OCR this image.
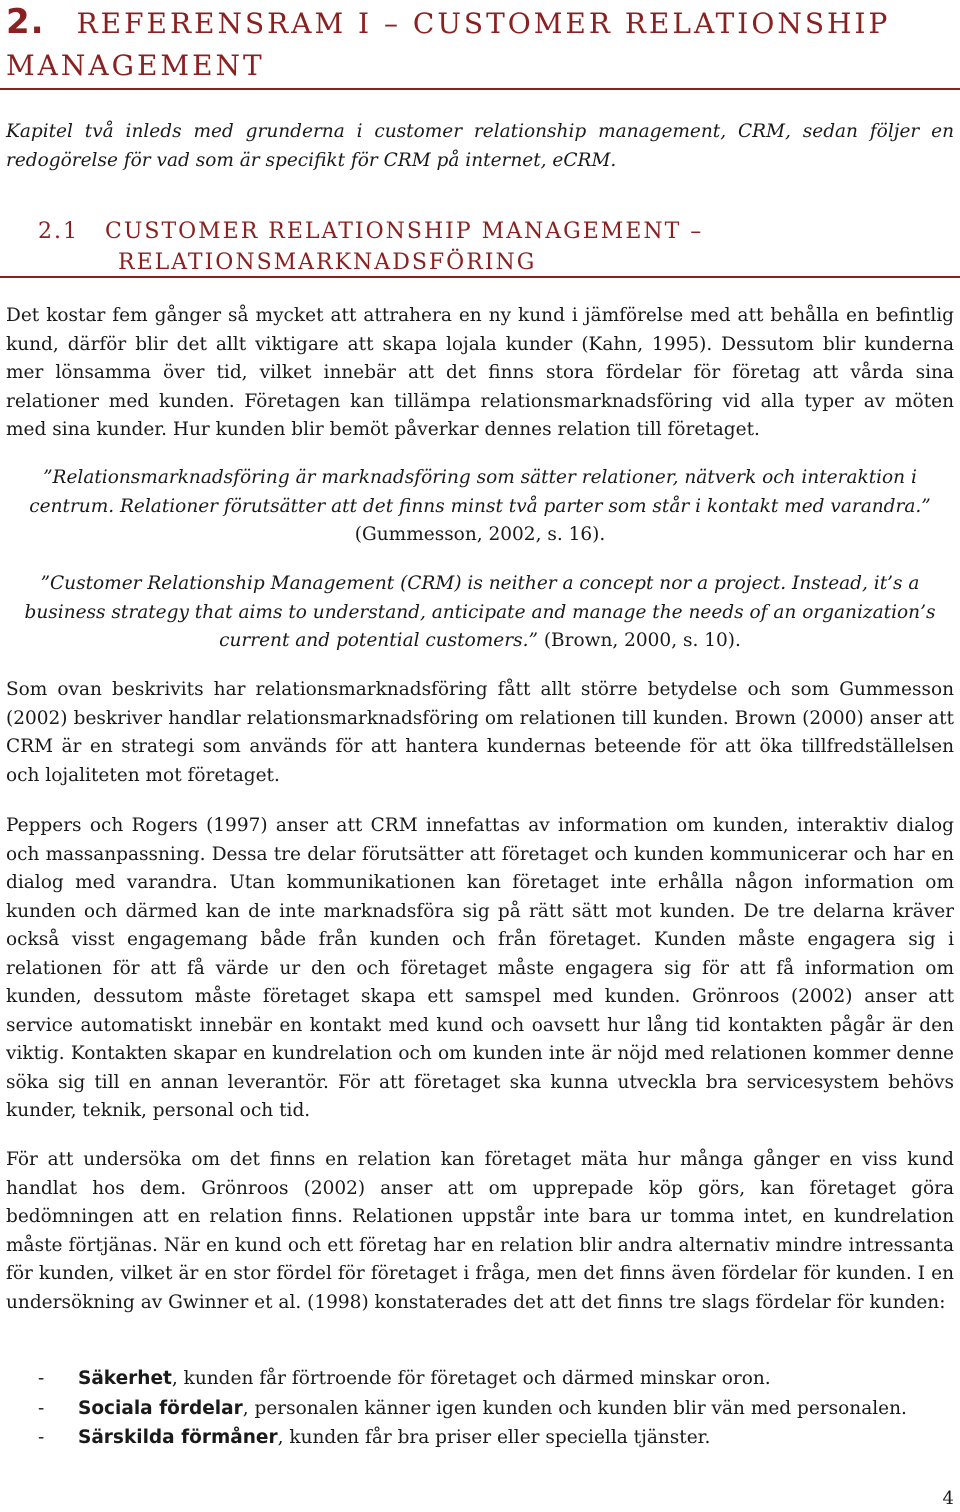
2. REFERENSRAM I – CUSTOMER RELATIONSHIP MANAGEMENT
Kapitel två inleds med grunderna i customer relationship management, CRM, sedan följer en redogörelse för vad som är specifikt för CRM på internet, eCRM.
2.1 CUSTOMER RELATIONSHIP MANAGEMENT –
RELATIONSMARKNADSFÖRING
Det kostar fem gånger så mycket att attrahera en ny kund i jämförelse med att behålla en befintlig kund, därför blir det allt viktigare att skapa lojala kunder (Kahn, 1995). Dessutom blir kunderna mer lönsamma över tid, vilket innebär att det finns stora fördelar för företag att vårda sina relationer med kunden. Företagen kan tillämpa relationsmarknadsföring vid alla typer av möten med sina kunder. Hur kunden blir bemöt påverkar dennes relation till företaget.
”Relationsmarknadsföring är marknadsföring som sätter relationer, nätverk och interaktion i centrum. Relationer förutsätter att det finns minst två parter som står i kontakt med varandra.” (Gummesson, 2002, s. 16).
”Customer Relationship Management (CRM) is neither a concept nor a project. Instead, it’s a business strategy that aims to understand, anticipate and manage the needs of an organization’s current and potential customers.” (Brown, 2000, s. 10).
Som ovan beskrivits har relationsmarknadsföring fått allt större betydelse och som Gummesson (2002) beskriver handlar relationsmarknadsföring om relationen till kunden. Brown (2000) anser att CRM är en strategi som används för att hantera kundernas beteende för att öka tillfredställelsen och lojaliteten mot företaget.
Peppers och Rogers (1997) anser att CRM innefattas av information om kunden, interaktiv dialog och massanpassning. Dessa tre delar förutsätter att företaget och kunden kommunicerar och har en dialog med varandra. Utan kommunikationen kan företaget inte erhålla någon information om kunden och därmed kan de inte marknadsföra sig på rätt sätt mot kunden. De tre delarna kräver också visst engagemang både från kunden och från företaget. Kunden måste engagera sig i relationen för att få värde ur den och företaget måste engagera sig för att få information om kunden, dessutom måste företaget skapa ett samspel med kunden. Grönroos (2002) anser att service automatiskt innebär en kontakt med kund och oavsett hur lång tid kontakten pågår är den viktig. Kontakten skapar en kundrelation och om kunden inte är nöjd med relationen kommer denne söka sig till en annan leverantör. För att företaget ska kunna utveckla bra servicesystem behövs kunder, teknik, personal och tid.
För att undersöka om det finns en relation kan företaget mäta hur många gånger en viss kund handlat hos dem. Grönroos (2002) anser att om upprepade köp görs, kan företaget göra bedömningen att en relation finns. Relationen uppstår inte bara ur tomma intet, en kundrelation måste förtjänas. När en kund och ett företag har en relation blir andra alternativ mindre intressanta för kunden, vilket är en stor fördel för företaget i fråga, men det finns även fördelar för kunden. I en undersökning av Gwinner et al. (1998) konstaterades det att det finns tre slags fördelar för kunden:
-	Säkerhet, kunden får förtroende för företaget och därmed minskar oron.
-	Sociala fördelar, personalen känner igen kunden och kunden blir vän med personalen.
-	Särskilda förmåner, kunden får bra priser eller speciella tjänster.
4
